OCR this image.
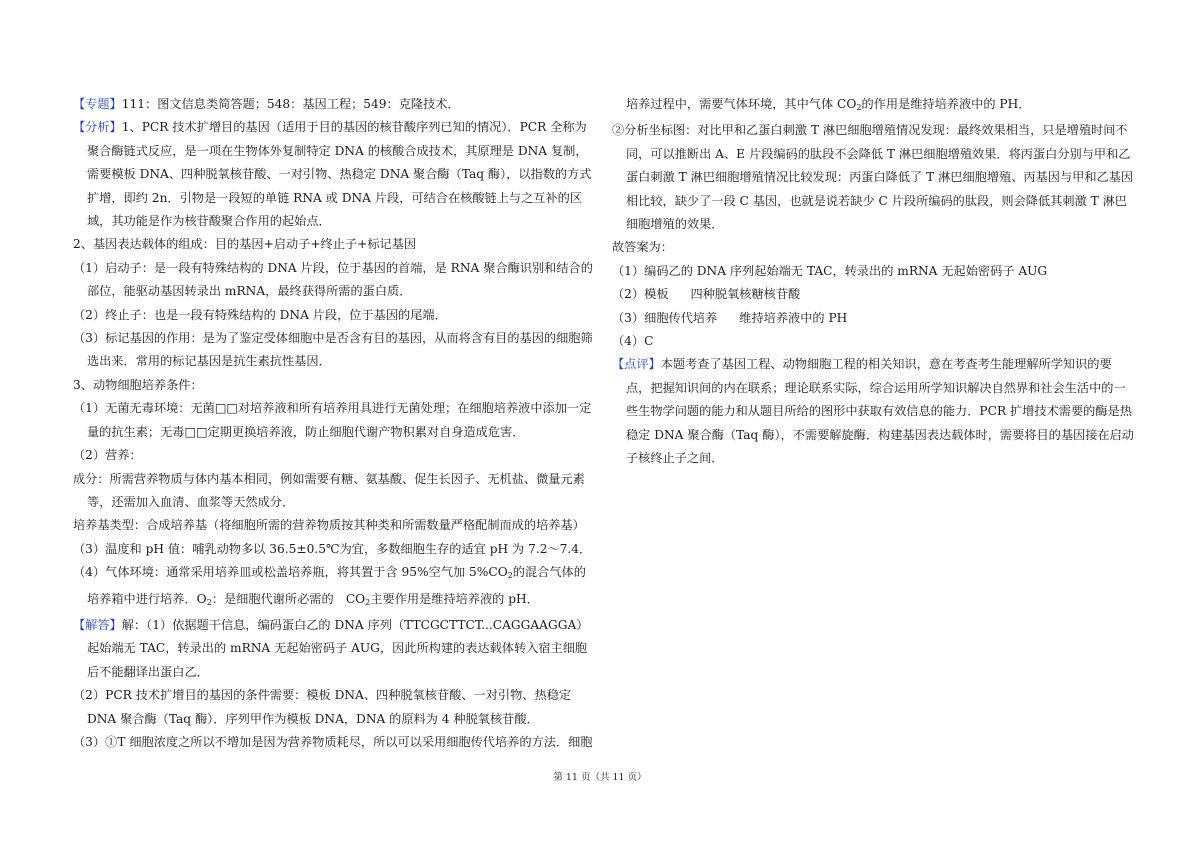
【专题】111：图文信息类简答题；548：基因工程；549：克隆技术．

【分析】1、PCR 技术扩增目的基因（适用于目的基因的核苷酸序列已知的情况）．PCR 全称为聚合酶链式反应，是一项在生物体外复制特定 DNA 的核酸合成技术，其原理是 DNA 复制，需要模板 DNA、四种脱氧核苷酸、一对引物、热稳定 DNA 聚合酶（Taq 酶），以指数的方式扩增，即约 2n．引物是一段短的单链 RNA 或 DNA 片段，可结合在核酸链上与之互补的区域，其功能是作为核苷酸聚合作用的起始点．

2、基因表达载体的组成：目的基因+启动子+终止子+标记基因

（1）启动子：是一段有特殊结构的 DNA 片段，位于基因的首端，是 RNA 聚合酶识别和结合的部位，能驱动基因转录出 mRNA，最终获得所需的蛋白质．

（2）终止子：也是一段有特殊结构的 DNA 片段，位于基因的尾端．

（3）标记基因的作用：是为了鉴定受体细胞中是否含有目的基因，从而将含有目的基因的细胞筛选出来．常用的标记基因是抗生素抗性基因．

3、动物细胞培养条件：

（1）无菌无毒环境：无菌□□对培养液和所有培养用具进行无菌处理；在细胞培养液中添加一定量的抗生素；无毒□□定期更换培养液，防止细胞代谢产物积累对自身造成危害．

（2）营养：

成分：所需营养物质与体内基本相同，例如需要有糖、氨基酸、促生长因子、无机盐、微量元素等，还需加入血清、血浆等天然成分．

培养基类型：合成培养基（将细胞所需的营养物质按其种类和所需数量严格配制而成的培养基）

（3）温度和 pH 值：哺乳动物多以 36.5±0.5℃为宜，多数细胞生存的适宜 pH 为 7.2～7.4．

（4）气体环境：通常采用培养皿或松盖培养瓶，将其置于含 95%空气加 $5\%CO_2$的混合气体的培养箱中进行培养．$O_2$：是细胞代谢所必需的　$CO_2$主要作用是维持培养液的 pH．

【解答】解：（1）依据题干信息，编码蛋白乙的 DNA 序列（TTCGCTTCT...CAGGAAGGA）起始端无 TAC，转录出的 mRNA 无起始密码子 AUG，因此所构建的表达载体转入宿主细胞后不能翻译出蛋白乙．

（2）PCR 技术扩增目的基因的条件需要：模板 DNA、四种脱氧核苷酸、一对引物、热稳定 DNA 聚合酶（Taq 酶）．序列甲作为模板 DNA，DNA 的原料为 4 种脱氧核苷酸．

（3）①T 细胞浓度之所以不增加是因为营养物质耗尽，所以可以采用细胞传代培养的方法．细胞

培养过程中，需要气体环境，其中气体 $CO_2$的作用是维持培养液中的 PH．

②分析坐标图：对比甲和乙蛋白刺激 T 淋巴细胞增殖情况发现：最终效果相当，只是增殖时间不同，可以推断出 A、E 片段编码的肽段不会降低 T 淋巴细胞增殖效果．将丙蛋白分别与甲和乙蛋白刺激 T 淋巴细胞增殖情况比较发现：丙蛋白降低了 T 淋巴细胞增殖、丙基因与甲和乙基因相比较，缺少了一段 C 基因，也就是说若缺少 C 片段所编码的肽段，则会降低其刺激 T 淋巴细胞增殖的效果．

故答案为：

（1）编码乙的 DNA 序列起始端无 TAC，转录出的 mRNA 无起始密码子 AUG

（2）模板 四种脱氧核糖核苷酸

（3）细胞传代培养 维持培养液中的 PH

（4）C

【点评】本题考查了基因工程、动物细胞工程的相关知识，意在考查考生能理解所学知识的要点，把握知识间的内在联系；理论联系实际，综合运用所学知识解决自然界和社会生活中的一些生物学问题的能力和从题目所给的图形中获取有效信息的能力．PCR 扩增技术需要的酶是热稳定 DNA 聚合酶（Taq 酶），不需要解旋酶．构建基因表达载体时，需要将目的基因接在启动子核终止子之间．

第 11 页（共 11 页）
